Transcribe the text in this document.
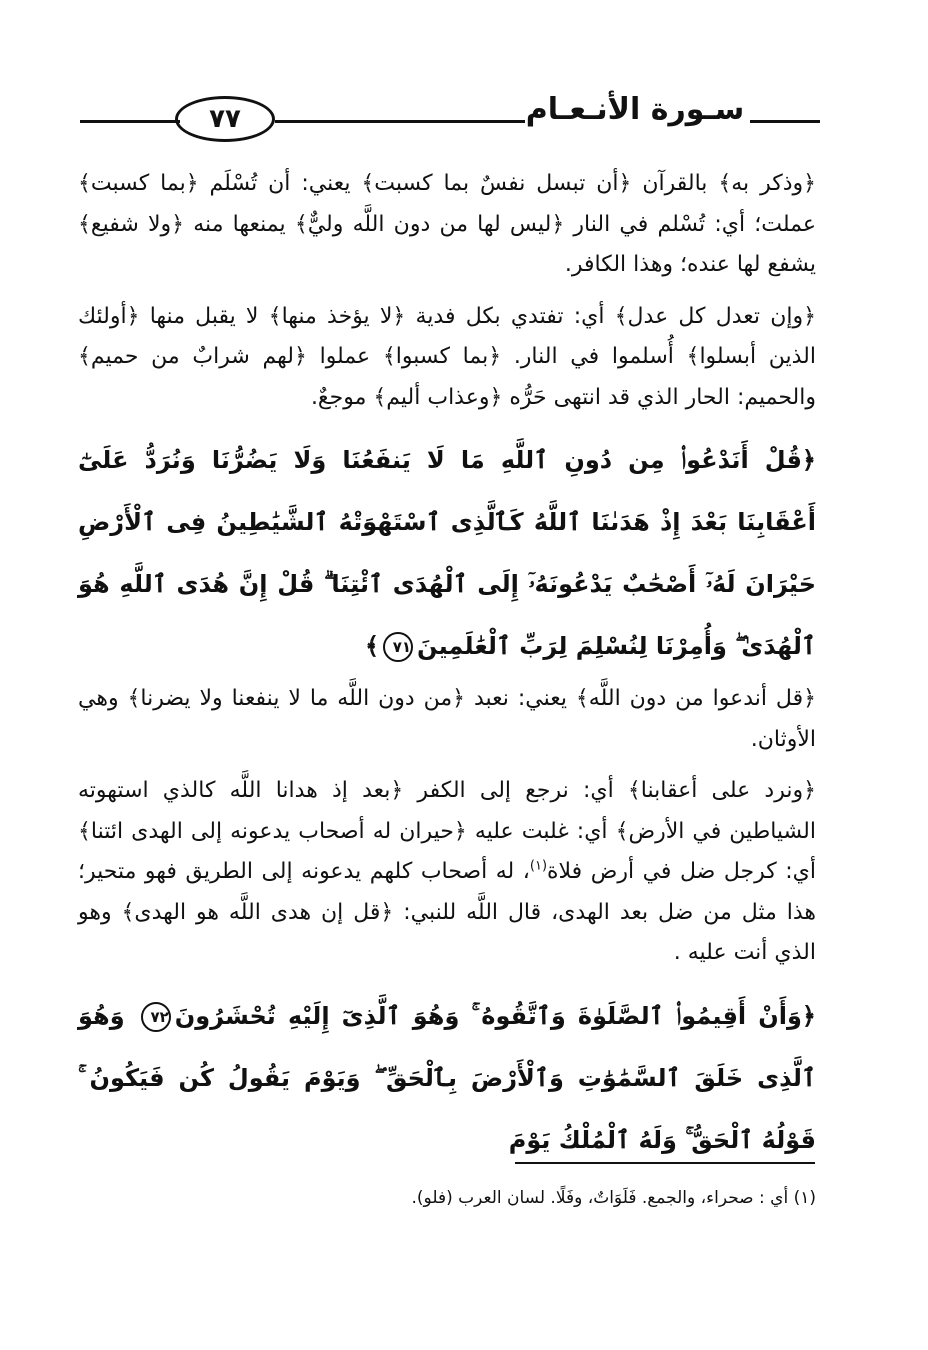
٧٧	سـورة الأنـعـام

﴿وذكر به﴾ بالقرآن ﴿أن تبسل نفسٌ بما كسبت﴾ يعني: أن تُسْلَم ﴿بما كسبت﴾ عملت؛ أي: تُسْلم في النار ﴿ليس لها من دون اللَّه وليٌّ﴾ يمنعها منه ﴿ولا شفيع﴾ يشفع لها عنده؛ وهذا الكافر.

﴿وإن تعدل كل عدل﴾ أي: تفتدي بكل فدية ﴿لا يؤخذ منها﴾ لا يقبل منها ﴿أولئك الذين أبسلوا﴾ أُسلموا في النار. ﴿بما كسبوا﴾ عملوا ﴿لهم شرابٌ من حميم﴾ والحميم: الحار الذي قد انتهى حَرُّه ﴿وعذاب أليم﴾ موجعٌ.

﴿قُلْ أَنَدْعُوا۟ مِن دُونِ ٱللَّهِ مَا لَا يَنفَعُنَا وَلَا يَضُرُّنَا وَنُرَدُّ عَلَىٰٓ أَعْقَابِنَا بَعْدَ إِذْ هَدَىٰنَا ٱللَّهُ كَٱلَّذِى ٱسْتَهْوَتْهُ ٱلشَّيَٰطِينُ فِى ٱلْأَرْضِ حَيْرَانَ لَهُۥٓ أَصْحَٰبٌ يَدْعُونَهُۥٓ إِلَى ٱلْهُدَى ٱئْتِنَا ۗ قُلْ إِنَّ هُدَى ٱللَّهِ هُوَ ٱلْهُدَىٰ ۖ وَأُمِرْنَا لِنُسْلِمَ لِرَبِّ ٱلْعَٰلَمِينَ٧١﴾

﴿قل أندعوا من دون اللَّه﴾ يعني: نعبد ﴿من دون اللَّه ما لا ينفعنا ولا يضرنا﴾ وهي الأوثان.

﴿ونرد على أعقابنا﴾ أي: نرجع إلى الكفر ﴿بعد إذ هدانا اللَّه كالذي استهوته الشياطين في الأرض﴾ أي: غلبت عليه ﴿حيران له أصحاب يدعونه إلى الهدى ائتنا﴾ أي: كرجل ضل في أرض فلاة$^{(١)}$، له أصحاب كلهم يدعونه إلى الطريق فهو متحير؛ هذا مثل من ضل بعد الهدى، قال اللَّه للنبي: ﴿قل إن هدى اللَّه هو الهدى﴾ وهو الذي أنت عليه .

﴿وَأَنْ أَقِيمُوا۟ ٱلصَّلَوٰةَ وَٱتَّقُوهُ ۚ وَهُوَ ٱلَّذِىٓ إِلَيْهِ تُحْشَرُونَ٧٢ وَهُوَ ٱلَّذِى خَلَقَ ٱلسَّمَٰوَٰتِ وَٱلْأَرْضَ بِٱلْحَقِّ ۖ وَيَوْمَ يَقُولُ كُن فَيَكُونُ ۚ قَوْلُهُ ٱلْحَقُّ ۚ وَلَهُ ٱلْمُلْكُ يَوْمَ

(١) أي : صحراء، والجمع. فَلَوَاتٌ، وفَلًا. لسان العرب (فلو).
